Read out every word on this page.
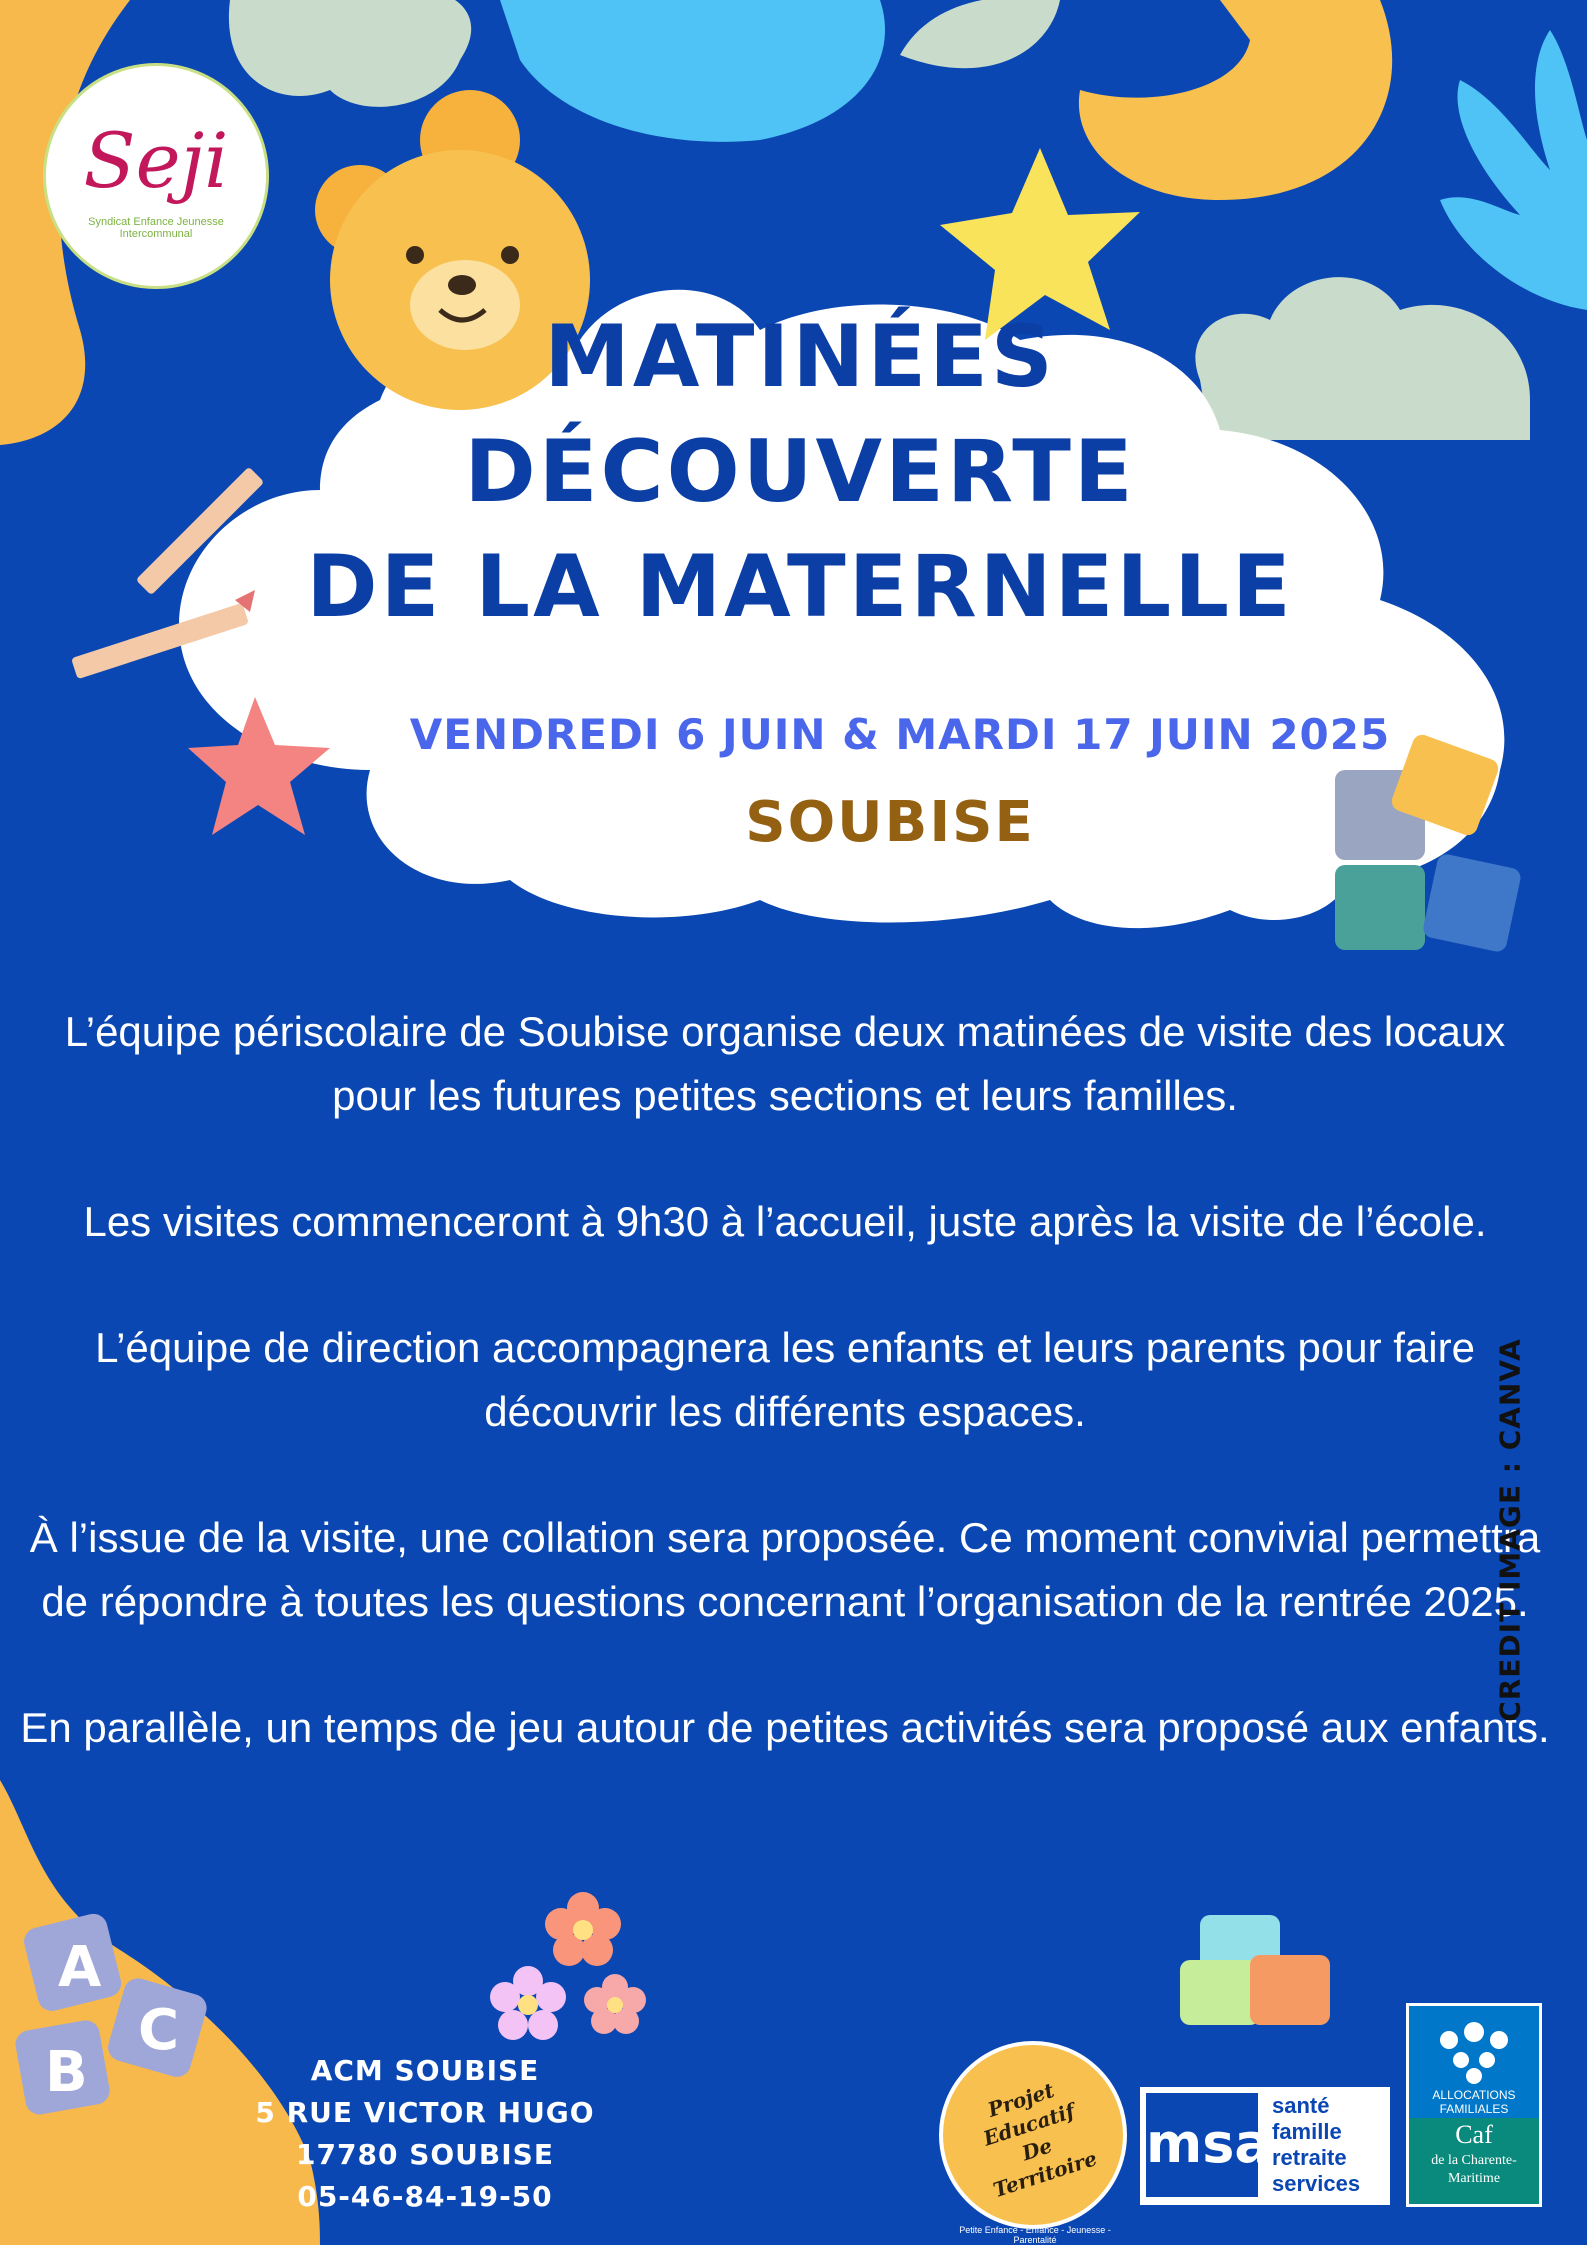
Seji
Syndicat Enfance Jeunesse Intercommunal
MATINÉES
DÉCOUVERTE
DE LA MATERNELLE
VENDREDI 6 JUIN & MARDI 17 JUIN 2025
SOUBISE

L’équipe périscolaire de Soubise organise deux matinées de visite des locaux pour les futures petites sections et leurs familles.

Les visites commenceront à 9h30 à l’accueil, juste après la visite de l’école.

L’équipe de direction accompagnera les enfants et leurs parents pour faire découvrir les différents espaces.

À l’issue de la visite, une collation sera proposée. Ce moment convivial permettra de répondre à toutes les questions concernant l’organisation de la rentrée 2025.

En parallèle, un temps de jeu autour de petites activités sera proposé aux enfants.

CREDIT IMAGE : CANVA
A
B
C
ACM SOUBISE
5 RUE VICTOR HUGO
17780 SOUBISE
05-46-84-19-50
Projet Educatif De Territoire
Petite Enfance - Enfance - Jeunesse - Parentalité
msa
santé
famille
retraite
services
ALLOCATIONS FAMILIALES
Caf
de la Charente-Maritime
